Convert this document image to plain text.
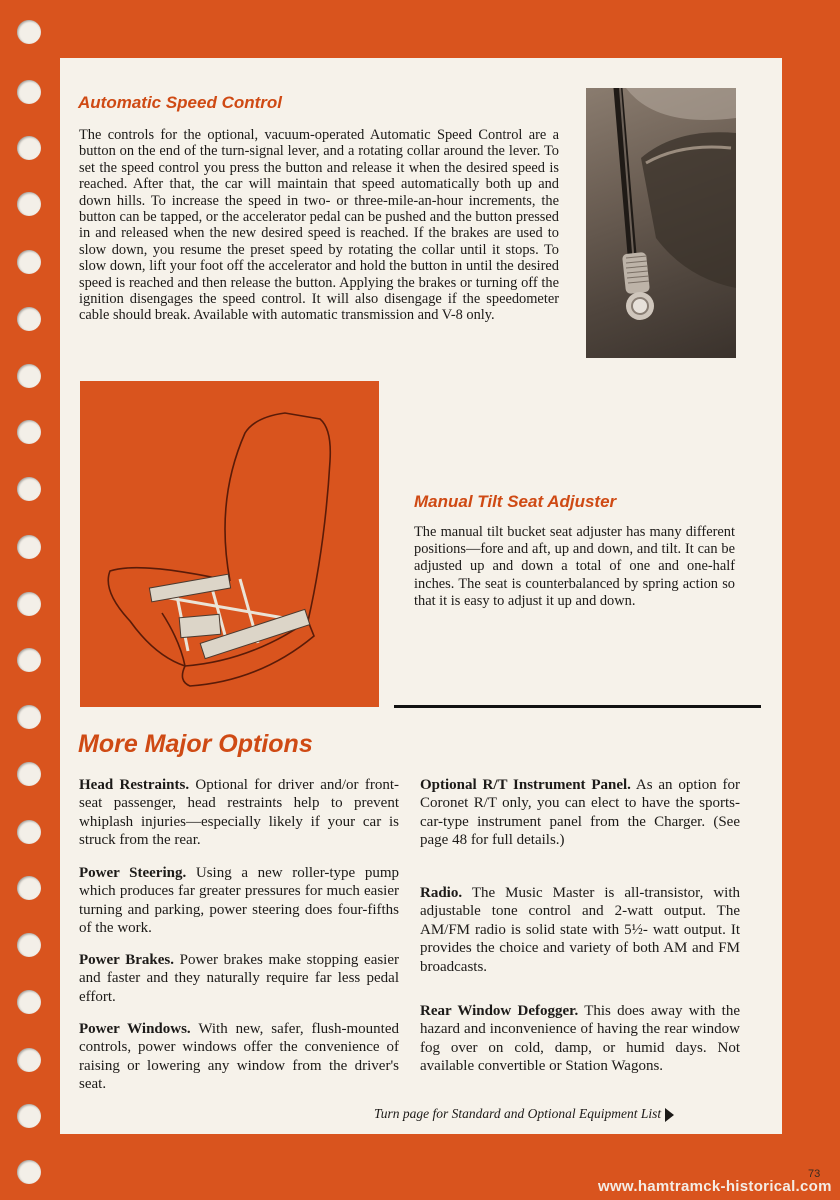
Automatic Speed Control

The controls for the optional, vacuum-operated Automatic Speed Control are a button on the end of the turn-signal lever, and a rotating collar around the lever. To set the speed control you press the button and release it when the desired speed is reached. After that, the car will maintain that speed automatically both up and down hills. To increase the speed in two- or three-mile-an-hour increments, the button can be tapped, or the accelerator pedal can be pushed and the button pressed in and released when the new desired speed is reached. If the brakes are used to slow down, you resume the preset speed by rotating the collar until it stops. To slow down, lift your foot off the accelerator and hold the button in until the desired speed is reached and then release the button. Applying the brakes or turning off the ignition disengages the speed control. It will also disengage if the speedometer cable should break. Available with automatic transmission and V-8 only.

Manual Tilt Seat Adjuster

The manual tilt bucket seat adjuster has many different positions—fore and aft, up and down, and tilt. It can be adjusted up and down a total of one and one-half inches. The seat is counterbalanced by spring action so that it is easy to adjust it up and down.

More Major Options

Head Restraints. Optional for driver and/or front-seat passenger, head restraints help to prevent whiplash injuries—especially likely if your car is struck from the rear.

Power Steering. Using a new roller-type pump which produces far greater pressures for much easier turning and parking, power steering does four-fifths of the work.

Power Brakes. Power brakes make stopping easier and faster and they naturally require far less pedal effort.

Power Windows. With new, safer, flush-mounted controls, power windows offer the convenience of raising or lowering any window from the driver's seat.

Optional R/T Instrument Panel. As an option for Coronet R/T only, you can elect to have the sports-car-type instrument panel from the Charger. (See page 48 for full details.)

Radio. The Music Master is all-transistor, with adjustable tone control and 2-watt output. The AM/FM radio is solid state with 5½- watt output. It provides the choice and variety of both AM and FM broadcasts.

Rear Window Defogger. This does away with the hazard and inconvenience of having the rear window fog over on cold, damp, or humid days. Not available convertible or Station Wagons.

Turn page for Standard and Optional Equipment List
73
www.hamtramck-historical.com
